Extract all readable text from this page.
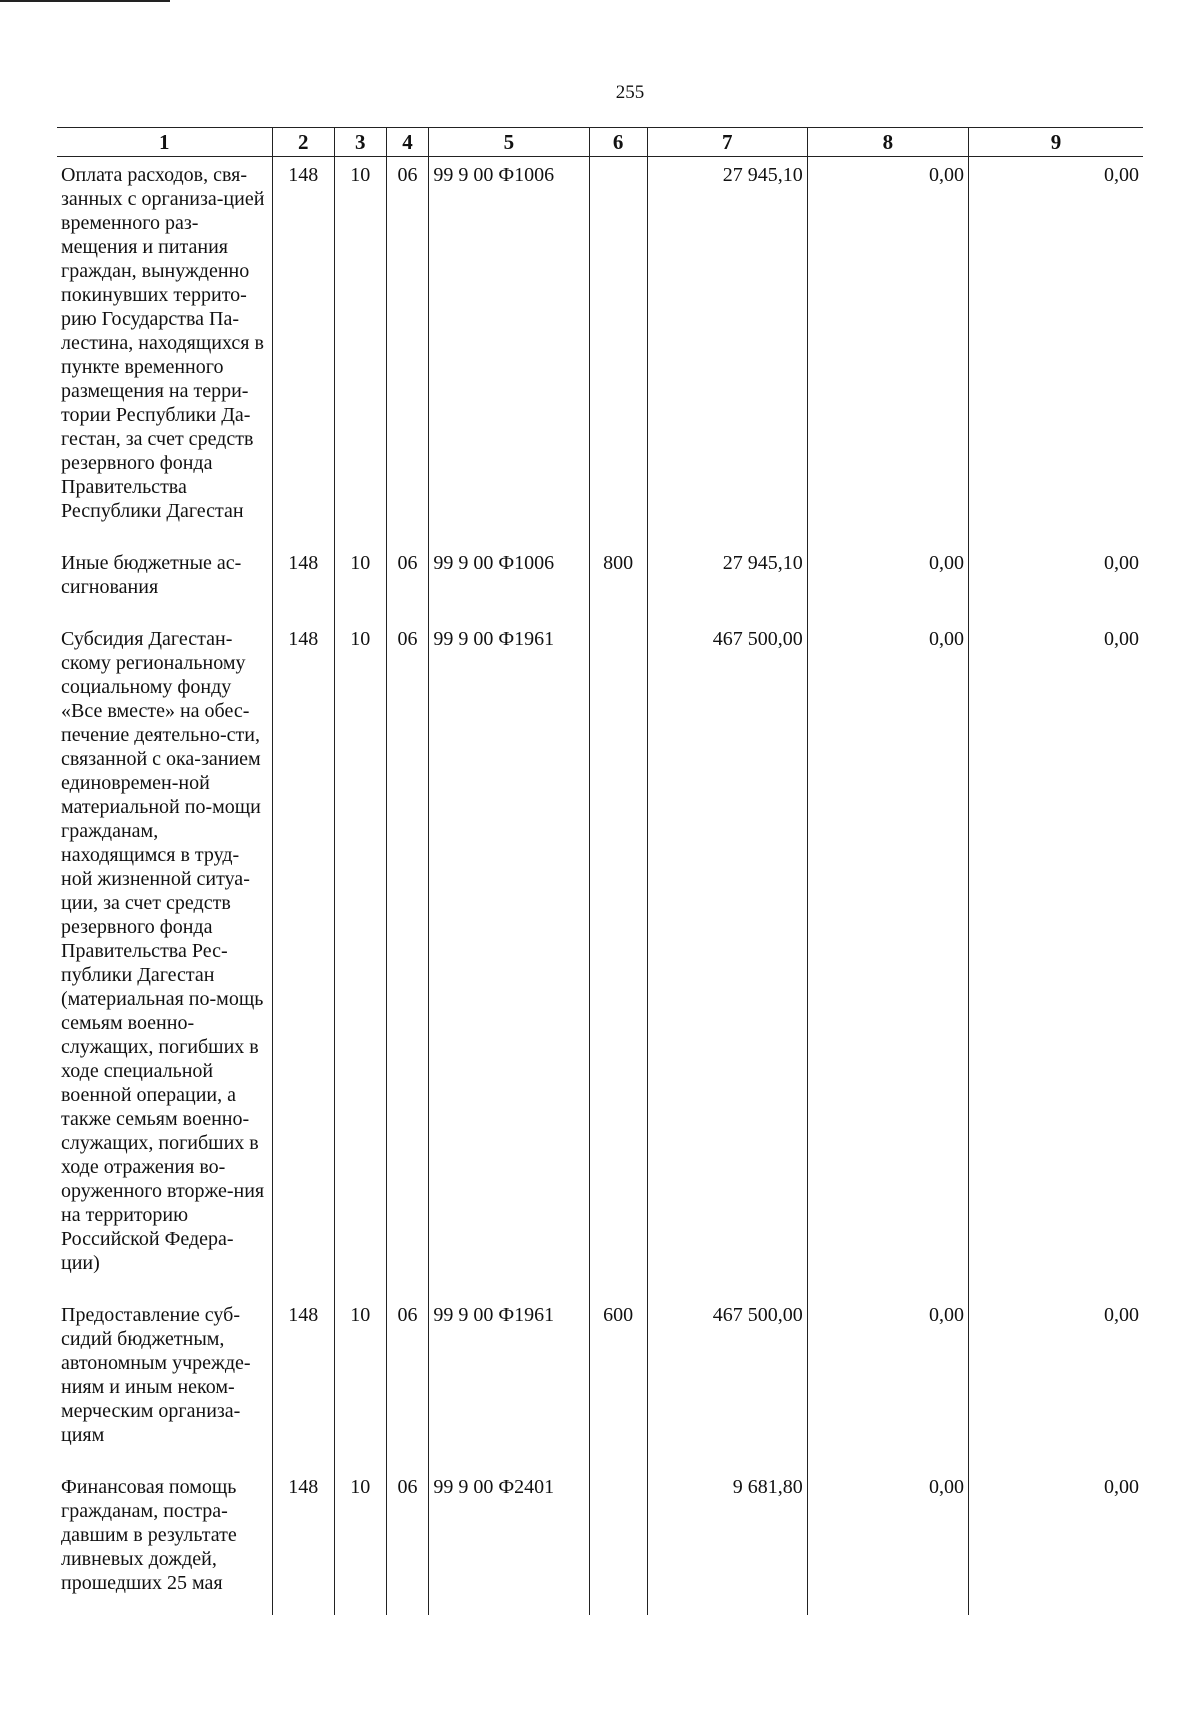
255
1	2	3	4	5	6	7	8	9
Оплата расходов, свя-занных с организа-цией временного раз-мещения и питания граждан, вынужденно покинувших террито-рию Государства Па-лестина, находящихся в пункте временного размещения на терри-тории Республики Да-гестан, за счет средств резервного фонда Правительства Республики Дагестан	148	10	06	99 9 00 Ф1006		27 945,10	0,00	0,00
Иные бюджетные ас-сигнования	148	10	06	99 9 00 Ф1006	800	27 945,10	0,00	0,00
Субсидия Дагестан-скому региональному социальному фонду «Все вместе» на обес-печение деятельно-сти, связанной с ока-занием единовремен-ной материальной по-мощи гражданам, находящимся в труд-ной жизненной ситуа-ции, за счет средств резервного фонда Правительства Рес-публики Дагестан (материальная по-мощь семьям военно-служащих, погибших в ходе специальной военной операции, а также семьям военно-служащих, погибших в ходе отражения во-оруженного вторже-ния на территорию Российской Федера-ции)	148	10	06	99 9 00 Ф1961		467 500,00	0,00	0,00
Предоставление суб-сидий бюджетным, автономным учрежде-ниям и иным неком-мерческим организа-циям	148	10	06	99 9 00 Ф1961	600	467 500,00	0,00	0,00
Финансовая помощь гражданам, постра-давшим в результате ливневых дождей, прошедших 25 мая	148	10	06	99 9 00 Ф2401		9 681,80	0,00	0,00
